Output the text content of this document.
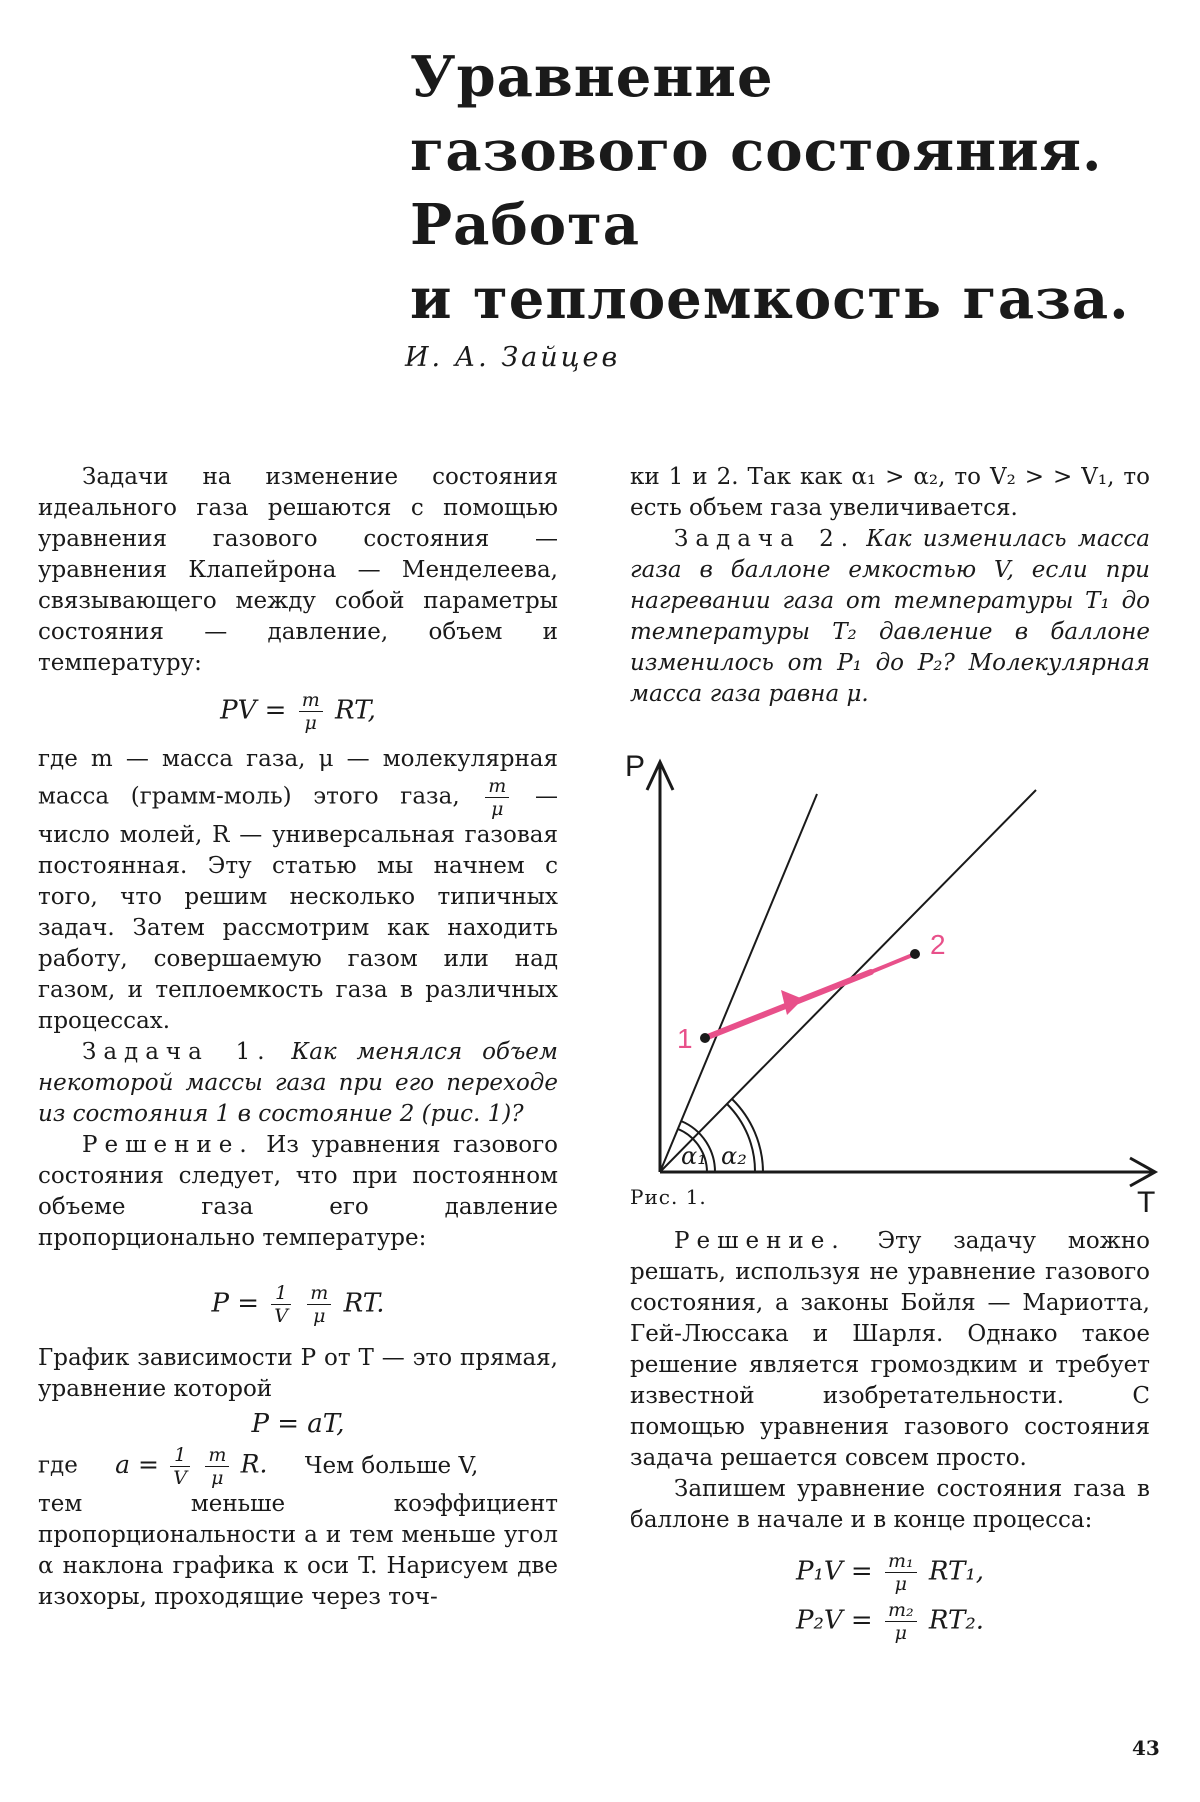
Уравнение
газового состояния.
Работа
и теплоемкость газа.
И. А. Зайцев

Задачи на изменение состояния идеального газа решаются с помощью уравнения газового состояния — уравнения Клапейрона — Менделеева, связывающего между собой параметры состояния — давление, объем и температуру:

PV = $\frac{m}{\mu}$ RT,

где m — масса газа, μ — молекулярная масса (грамм-моль) этого газа, $\frac{m}{\mu}$ — число молей, R — универсальная газовая постоянная. Эту статью мы начнем с того, что решим несколько типичных задач. Затем рассмотрим как находить работу, совершаемую газом или над газом, и теплоемкость газа в различных процессах.

Задача 1. Как менялся объем некоторой массы газа при его переходе из состояния 1 в состояние 2 (рис. 1)?

Решение. Из уравнения газового состояния следует, что при постоянном объеме газа его давление пропорционально температуре:

$P = \frac{1}{V}$
$\frac{m}{\mu}$ RT.

График зависимости P от T — это прямая, уравнение которой

P = aT,
где $a = \frac{1}{V}$
$\frac{m}{\mu} R$. Чем больше V,

тем меньше коэффициент пропорциональности a и тем меньше угол α наклона графика к оси T. Нарисуем две изохоры, проходящие через точ-

ки 1 и 2. Так как α₁ > α₂, то V₂ > > V₁, то есть объем газа увеличивается.

Задача 2. Как изменилась масса газа в баллоне емкостью V, если при нагревании газа от температуры T₁ до температуры T₂ давление в баллоне изменилось от P₁ до P₂? Молекулярная масса газа равна μ.

P
T
α₁ α₂
1
2
Рис. 1.

Решение. Эту задачу можно решать, используя не уравнение газового состояния, а законы Бойля — Мариотта, Гей-Люссака и Шарля. Однако такое решение является громоздким и требует известной изобретательности. С помощью уравнения газового состояния задача решается совсем просто.

Запишем уравнение состояния газа в баллоне в начале и в конце процесса:

$P_1V = \frac{\text{m₁}}{\mu} RT_1$,
$P_2V = \frac{\text{m₂}}{\mu} RT_2$.
43
